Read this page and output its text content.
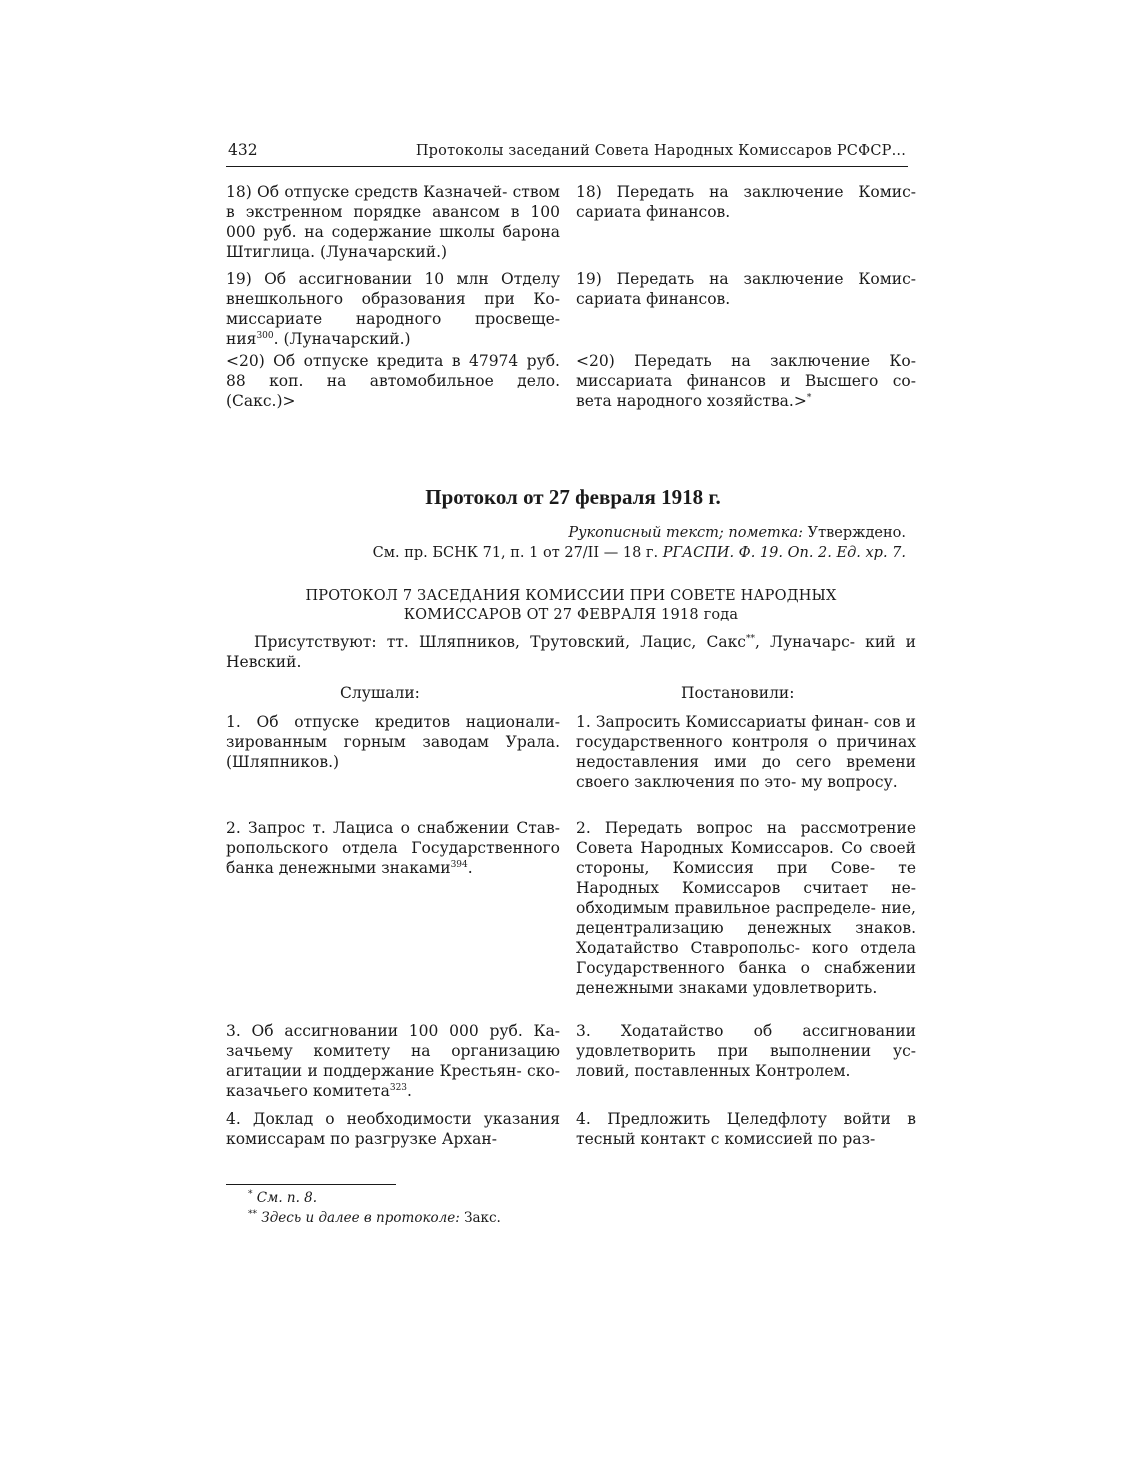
432	Протоколы заседаний Совета Народных Комиссаров РСФСР...
18) Об отпуске средств Казначей- ством в экстренном порядке авансом в 100 000 руб. на содержание школы барона Штиглица. (Луначарский.)
18) Передать на заключение Комис- сариата финансов.
19) Об ассигновании 10 млн Отделу внешкольного образования при Ко- миссариате народного просвеще- ния$^{300}$. (Луначарский.)
19) Передать на заключение Комис- сариата финансов.
<20) Об отпуске кредита в 47974 руб. 88 коп. на автомобильное дело. (Сакс.)>
<20) Передать на заключение Ко- миссариата финансов и Высшего со- вета народного хозяйства.>*
Протокол от 27 февраля 1918 г.
Рукописный текст; пометка: Утверждено.
См. пр. БСНК 71, п. 1 от 27/II — 18 г. РГАСПИ. Ф. 19. Оп. 2. Ед. хр. 7.
ПРОТОКОЛ 7 ЗАСЕДАНИЯ КОМИССИИ ПРИ СОВЕТЕ НАРОДНЫХ
КОМИССАРОВ ОТ 27 ФЕВРАЛЯ 1918 года
Присутствуют: тт. Шляпников, Трутовский, Лацис, Сакс**, Луначарс- кий и Невский.
Слушали:	Постановили:
1. Об отпуске кредитов национали- зированным горным заводам Урала. (Шляпников.)
1. Запросить Комиссариаты финан- сов и государственного контроля о причинах недоставления ими до сего времени своего заключения по это- му вопросу.
2. Запрос т. Лациса о снабжении Став- ропольского отдела Государственного банка денежными знаками$^{394}$.
2. Передать вопрос на рассмотрение Совета Народных Комиссаров. Со своей стороны, Комиссия при Сове- те Народных Комиссаров считает не- обходимым правильное распределе- ние, децентрализацию денежных знаков. Ходатайство Ставропольс- кого отдела Государственного банка о снабжении денежными знаками удовлетворить.
3. Об ассигновании 100 000 руб. Ка- зачьему комитету на организацию агитации и поддержание Крестьян- ско-казачьего комитета$^{323}$.
3. Ходатайство об ассигновании удовлетворить при выполнении ус- ловий, поставленных Контролем.
4. Доклад о необходимости указания комиссарам по разгрузке Архан-
4. Предложить Целедфлоту войти в тесный контакт с комиссией по раз-
* См. п. 8.
** Здесь и далее в протоколе: Закс.
